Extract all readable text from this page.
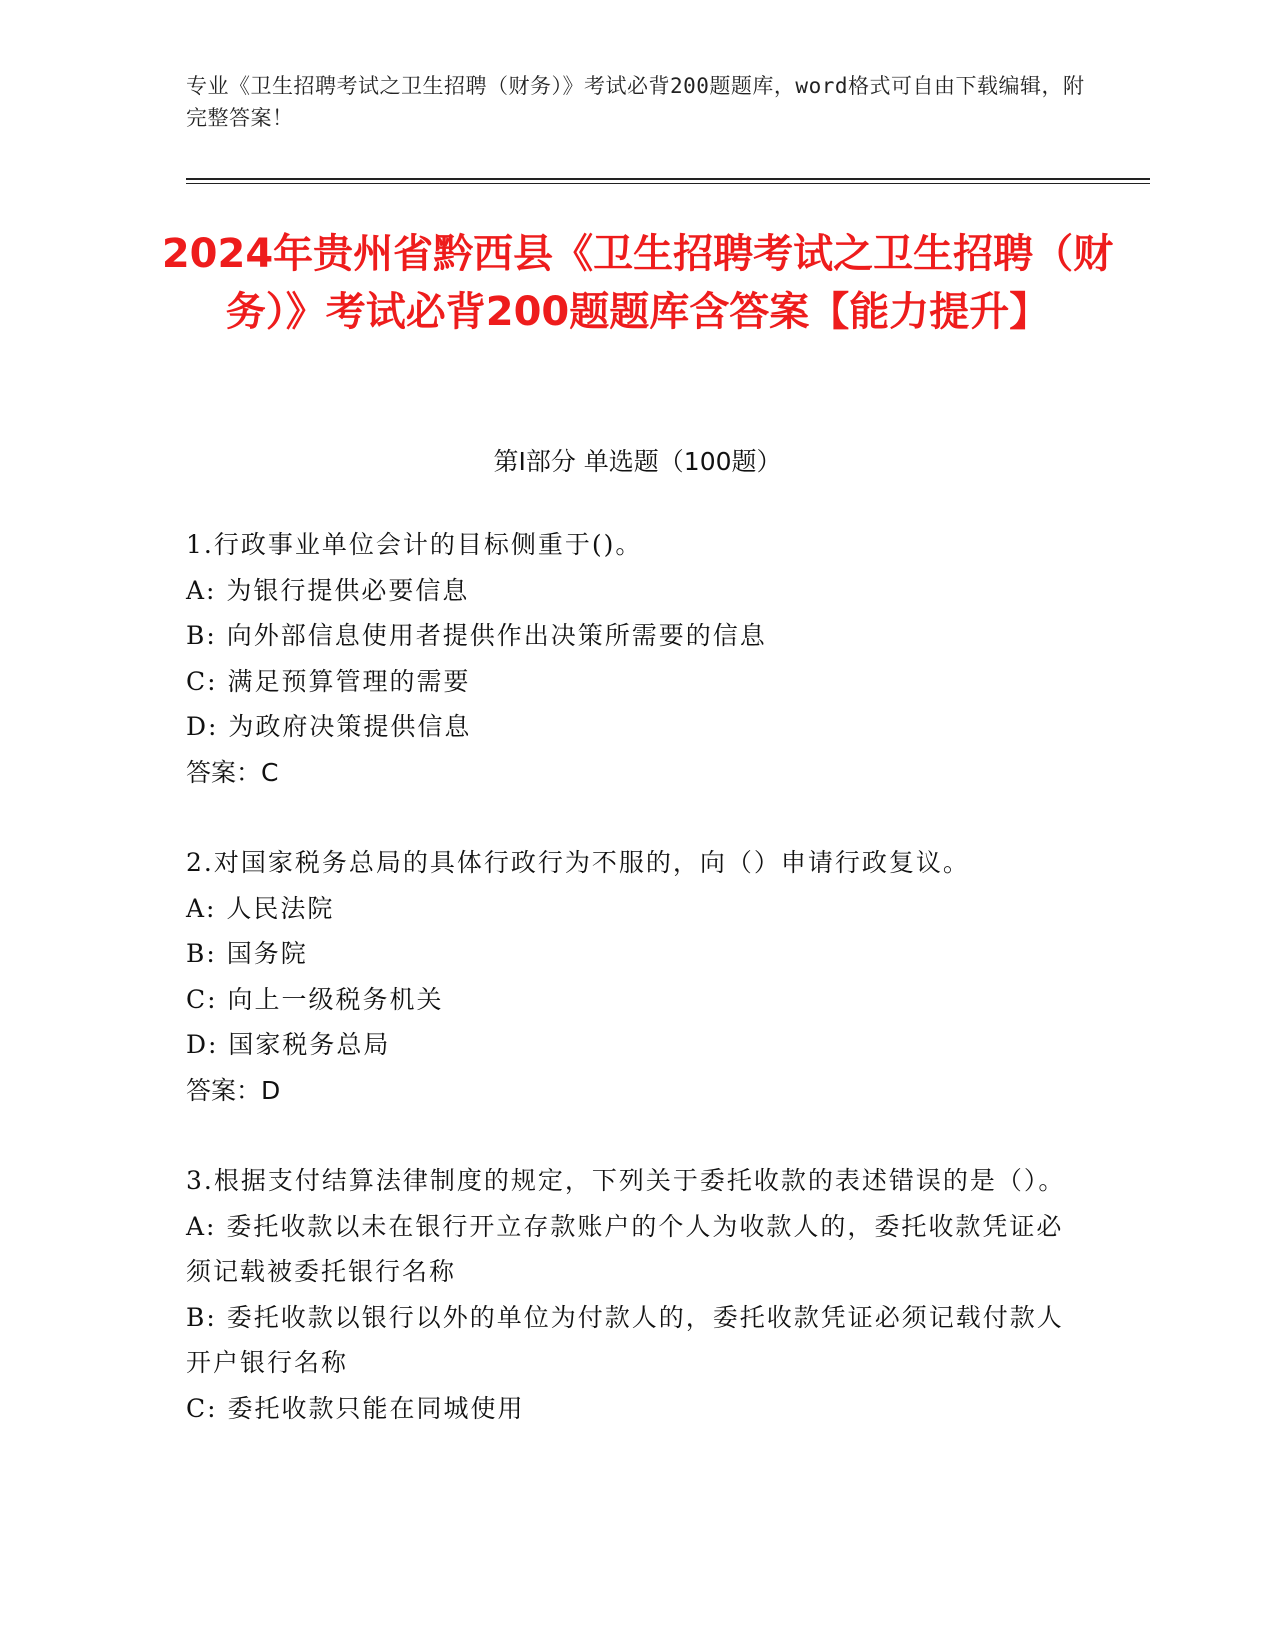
专业《卫生招聘考试之卫生招聘（财务）》考试必背200题题库，word格式可自由下载编辑，附完整答案！
2024年贵州省黔西县《卫生招聘考试之卫生招聘（财务）》考试必背200题题库含答案【能力提升】
第Ⅰ部分 单选题（100题）
1.行政事业单位会计的目标侧重于()。
A: 为银行提供必要信息
B: 向外部信息使用者提供作出决策所需要的信息
C: 满足预算管理的需要
D: 为政府决策提供信息
答案：C
2.对国家税务总局的具体行政行为不服的，向（）申请行政复议。
A: 人民法院
B: 国务院
C: 向上一级税务机关
D: 国家税务总局
答案：D
3.根据支付结算法律制度的规定，下列关于委托收款的表述错误的是（）。
A: 委托收款以未在银行开立存款账户的个人为收款人的，委托收款凭证必须记载被委托银行名称
B: 委托收款以银行以外的单位为付款人的，委托收款凭证必须记载付款人开户银行名称
C: 委托收款只能在同城使用
